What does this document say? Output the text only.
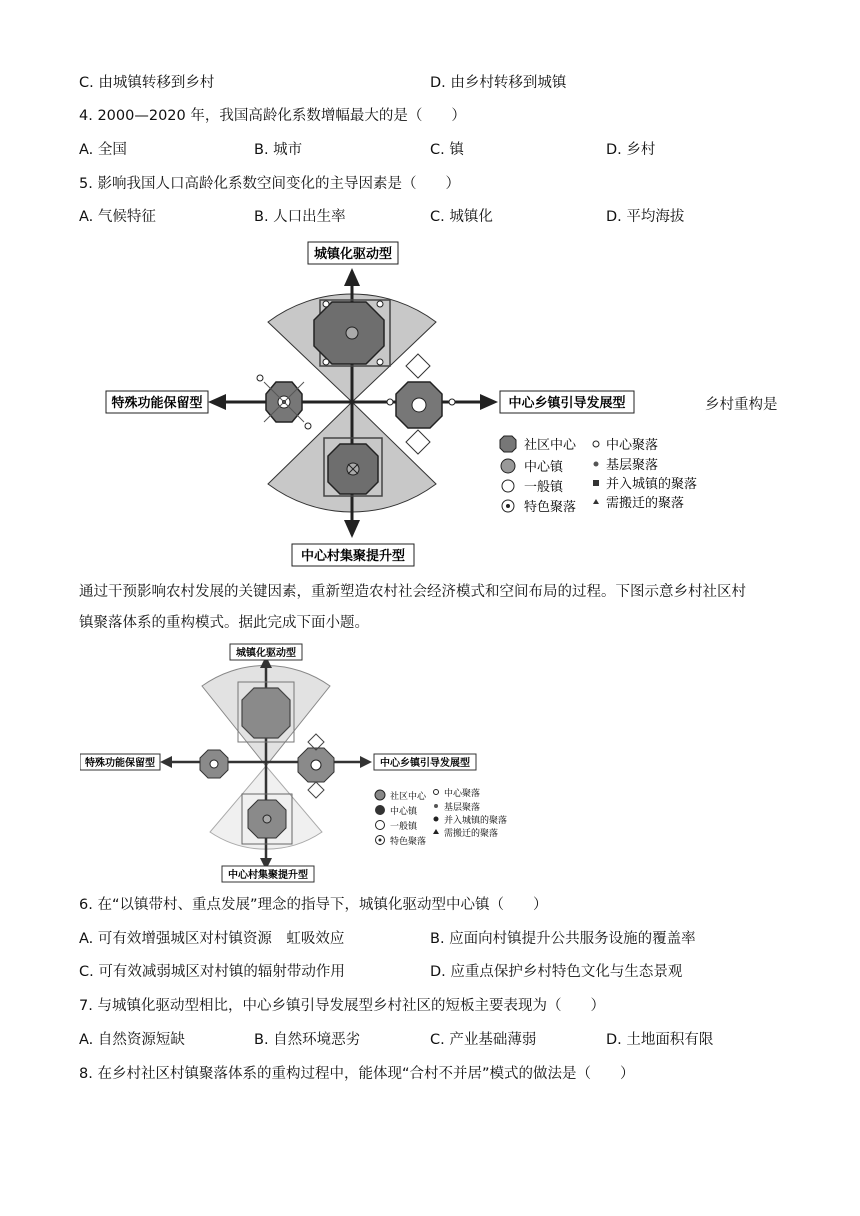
C. 由城镇转移到乡村	D. 由乡村转移到城镇
4. 2000—2020 年，我国高龄化系数增幅最大的是（　　）
A. 全国	B. 城市	C. 镇	D. 乡村
5. 影响我国人口高龄化系数空间变化的主导因素是（　　）
A. 气候特征	B. 人口出生率	C. 城镇化	D. 平均海拔
城镇化驱动型
特殊功能保留型	中心乡镇引导发展型
中心村集聚提升型
社区中心
中心镇
一般镇
特色聚落
中心聚落
基层聚落
并入城镇的聚落
需搬迁的聚落
乡村重构是
通过干预影响农村发展的关键因素，重新塑造农村社会经济模式和空间布局的过程。下图示意乡村社区村
镇聚落体系的重构模式。据此完成下面小题。
城镇化驱动型
特殊功能保留型	中心乡镇引导发展型
中心村集聚提升型
社区中心
中心镇
一般镇
特色聚落
中心聚落
基层聚落
并入城镇的聚落
需搬迁的聚落
6. 在“以镇带村、重点发展”理念的指导下，城镇化驱动型中心镇（　　）
A. 可有效增强城区对村镇资源　虹吸效应	B. 应面向村镇提升公共服务设施的覆盖率
C. 可有效减弱城区对村镇的辐射带动作用	D. 应重点保护乡村特色文化与生态景观
7. 与城镇化驱动型相比，中心乡镇引导发展型乡村社区的短板主要表现为（　　）
A. 自然资源短缺	B. 自然环境恶劣	C. 产业基础薄弱	D. 土地面积有限
8. 在乡村社区村镇聚落体系的重构过程中，能体现“合村不并居”模式的做法是（　　）
